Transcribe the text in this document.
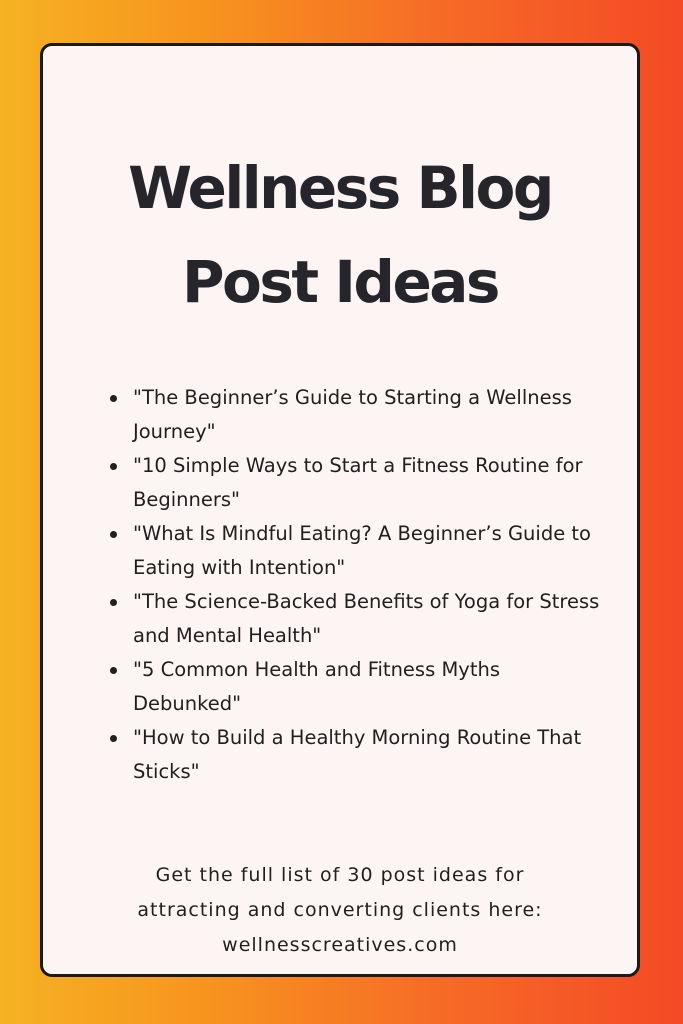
Wellness Blog
Post Ideas
"The Beginner’s Guide to Starting a Wellness Journey"
"10 Simple Ways to Start a Fitness Routine for Beginners"
"What Is Mindful Eating? A Beginner’s Guide to Eating with Intention"
"The Science-Backed Benefits of Yoga for Stress and Mental Health"
"5 Common Health and Fitness Myths Debunked"
"How to Build a Healthy Morning Routine That Sticks"

Get the full list of 30 post ideas for
attracting and converting clients here:
wellnesscreatives.com
